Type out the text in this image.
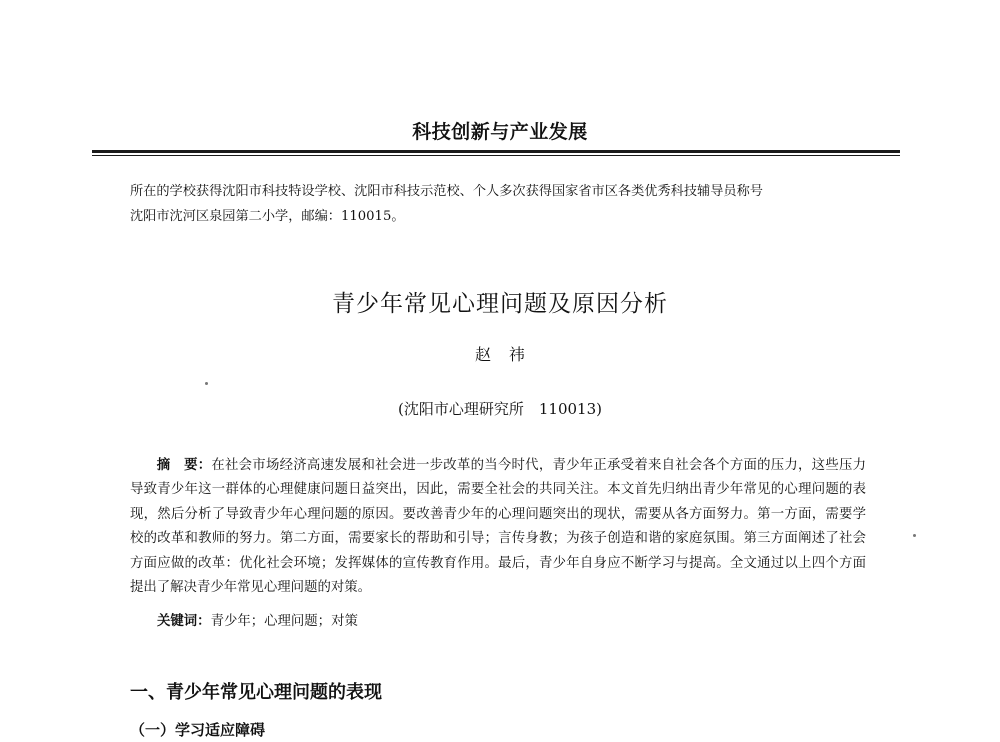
科技创新与产业发展
所在的学校获得沈阳市科技特设学校、沈阳市科技示范校、个人多次获得国家省市区各类优秀科技辅导员称号
沈阳市沈河区泉园第二小学，邮编：110015。
青少年常见心理问题及原因分析
赵祎
(沈阳市心理研究所　110013)
摘　要：在社会市场经济高速发展和社会进一步改革的当今时代，青少年正承受着来自社会各个方面的压力，这些压力导致青少年这一群体的心理健康问题日益突出，因此，需要全社会的共同关注。本文首先归纳出青少年常见的心理问题的表现，然后分析了导致青少年心理问题的原因。要改善青少年的心理问题突出的现状，需要从各方面努力。第一方面，需要学校的改革和教师的努力。第二方面，需要家长的帮助和引导；言传身教；为孩子创造和谐的家庭氛围。第三方面阐述了社会方面应做的改革：优化社会环境；发挥媒体的宣传教育作用。最后，青少年自身应不断学习与提高。全文通过以上四个方面提出了解决青少年常见心理问题的对策。
关键词：青少年；心理问题；对策
一、青少年常见心理问题的表现
（一）学习适应障碍
